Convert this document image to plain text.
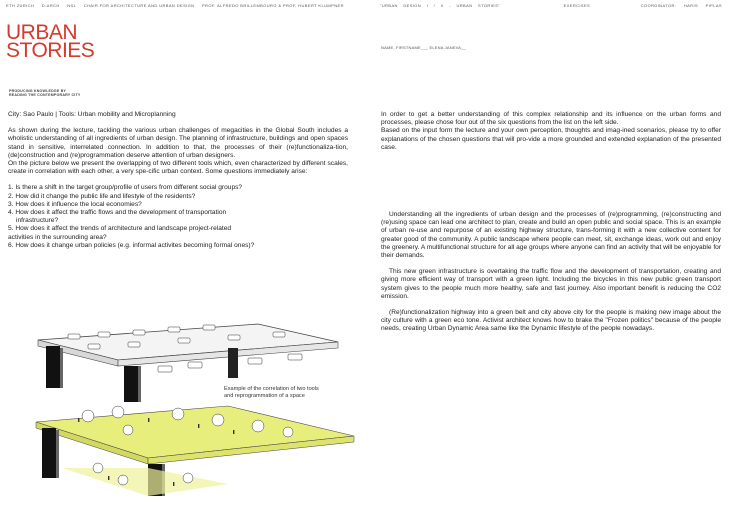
ETH ZÜRICH D-ARCH NSL CHAIR FOR ARCHITECTURE AND URBAN DESIGN PROF. ALFREDO BRILLEMBOURG & PROF. HUBERT KLUMPNER	"URBAN DESIGN I / II - URBAN STORIES"	EXERCISES	COORDINATOR: HARIS PIPLAS
URBAN
STORIES
PRODUCING KNOWLEDGE BY
READING THE CONTEMPORARY CITY
NAME, FIRSTNAME___ ELENA JANEVA__

City: Sao Paulo | Tools: Urban mobility and Microplanning

As shown during the lecture, tackling the various urban challenges of megacities in the Global South includes a wholistic understanding of all ingredients of urban design. The planning of infrastructure, buildings and open spaces stand in sensitive, interrelated connection. In addition to that, the processes of their (re)functionaliza-tion, (de)construction and (re)programmation deserve attention of urban designers.

On the picture below we present the overlapping of two different tools which, even characterized by different scales, create in correlation with each other, a very spe-cific urban context. Some questions immediately arise:

1. Is there a shift in the target group/profile of users from different social groups?

2. How did it change the public life and lifestyle of the residents?

3. How does it influence the local economies?

4. How does it affect the traffic flows and the development of transportation

infrastructure?

5. How does it affect the trends of architecture and landscape project-related

activities in the surrounding area?

6. How does it change urban policies (e.g. informal activites becoming formal ones)?

Example of the correlation of two tools
and reprogrammation of a space

In order to get a better understanding of this complex relationship and its influence on the urban forms and processes, please chose four out of the six questions from the list on the left side.

Based on the input form the lecture and your own perception, thoughts and imag-ined scenarios, please try to offer explanations of the chosen questions that will pro-vide a more grounded and extended explanation of the presented case.

Understanding all the ingredients of urban design and the processes of (re)programming, (re)constructing and (re)using space can lead one architect to plan, create and build an open public and social space. This is an example of urban re-use and repurpose of an existing highway structure, trans-forming it with a new collective content for greater good of the community. A public landscape where people can meet, sit, exchange ideas, work out and enjoy the greenery. A multifunctional structure for all age groups where anyone can find an activity that will be enjoyable for their demands.

This new green infrastructure is overtaking the traffic flow and the development of transportation, creating and giving more efficient way of transport with a green light. Including the bicycles in this new public green transport system gives to the people much more healthy, safe and fast journey. Also important benefit is reducing the CO2 emission.

(Re)functionalization highway into a green belt and city above city for the people is making new image about the city culture with a green eco tone. Activist architect knows how to brake the "Frozen politics" because of the people needs, creating Urban Dynamic Area same like the Dynamic lifestyle of the people nowadays.
